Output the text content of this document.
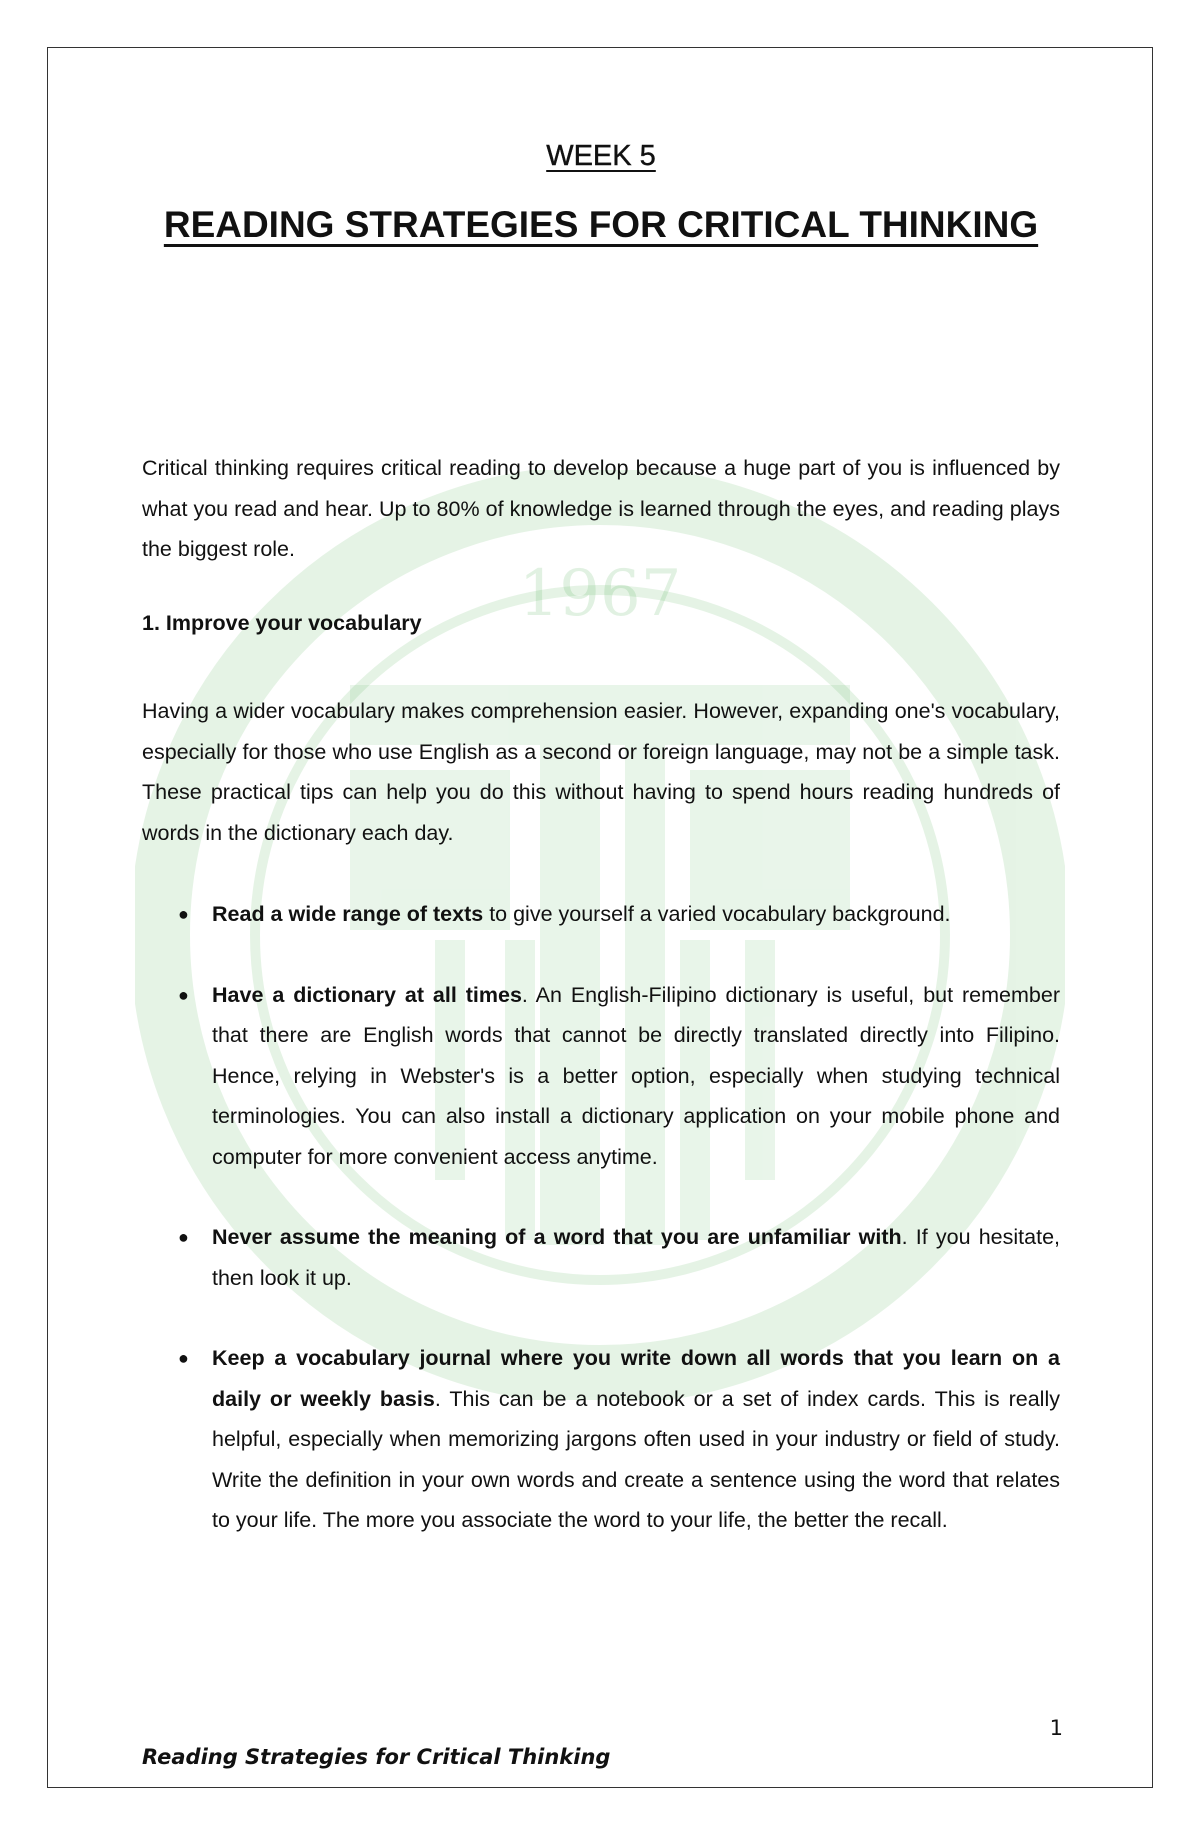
1967
WEEK 5
READING STRATEGIES FOR CRITICAL THINKING

Critical thinking requires critical reading to develop because a huge part of you is influenced by what you read and hear. Up to 80% of knowledge is learned through the eyes, and reading plays the biggest role.

1. Improve your vocabulary

Having a wider vocabulary makes comprehension easier. However, expanding one's vocabulary, especially for those who use English as a second or foreign language, may not be a simple task. These practical tips can help you do this without having to spend hours reading hundreds of words in the dictionary each day.

● Read a wide range of texts to give yourself a varied vocabulary background.
● Have a dictionary at all times. An English-Filipino dictionary is useful, but remember that there are English words that cannot be directly translated directly into Filipino. Hence, relying in Webster's is a better option, especially when studying technical terminologies. You can also install a dictionary application on your mobile phone and computer for more convenient access anytime.
● Never assume the meaning of a word that you are unfamiliar with. If you hesitate, then look it up.
● Keep a vocabulary journal where you write down all words that you learn on a daily or weekly basis. This can be a notebook or a set of index cards. This is really helpful, especially when memorizing jargons often used in your industry or field of study. Write the definition in your own words and create a sentence using the word that relates to your life. The more you associate the word to your life, the better the recall.
1
Reading Strategies for Critical Thinking
